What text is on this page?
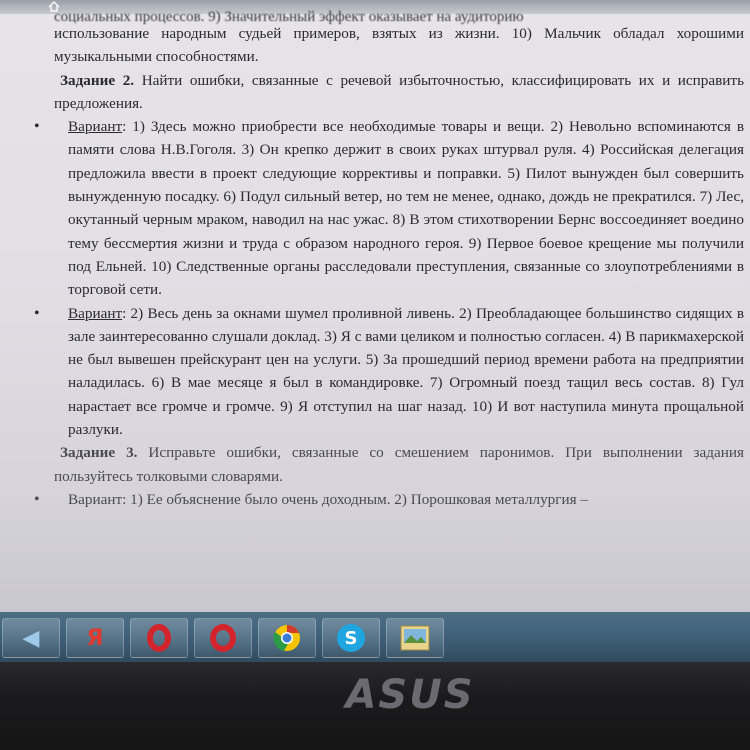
социальных процессов. 9) Значительный эффект оказывает на аудиторию

использование народным судьей примеров, взятых из жизни. 10) Мальчик обладал хорошими музыкальными способностями.

Задание 2. Найти ошибки, связанные с речевой избыточностью, классифицировать их и исправить предложения.

• Вариант: 1) Здесь можно приобрести все необходимые товары и вещи. 2) Невольно вспоминаются в памяти слова Н.В.Гоголя. 3) Он крепко держит в своих руках штурвал руля. 4) Российская делегация предложила ввести в проект следующие коррективы и поправки. 5) Пилот вынужден был совершить вынужденную посадку. 6) Подул сильный ветер, но тем не менее, однако, дождь не прекратился. 7) Лес, окутанный черным мраком, наводил на нас ужас. 8) В этом стихотворении Бернс воссоединяет воедино тему бессмертия жизни и труда с образом народного героя. 9) Первое боевое крещение мы получили под Ельней. 10) Следственные органы расследовали преступления, связанные со злоупотреблениями в торговой сети.
• Вариант: 2) Весь день за окнами шумел проливной ливень. 2) Преобладающее большинство сидящих в зале заинтересованно слушали доклад. 3) Я с вами целиком и полностью согласен. 4) В парикмахерской не был вывешен прейскурант цен на услуги. 5) За прошедший период времени работа на предприятии наладилась. 6) В мае месяце я был в командировке. 7) Огромный поезд тащил весь состав. 8) Гул нарастает все громче и громче. 9) Я отступил на шаг назад. 10) И вот наступила минута прощальной разлуки.

Задание 3. Исправьте ошибки, связанные со смешением паронимов. При выполнении задания пользуйтесь толковыми словарями.

• Вариант: 1) Ее объяснение было очень доходным. 2) Порошковая металлургия –
◀ Я	S
ASUS
